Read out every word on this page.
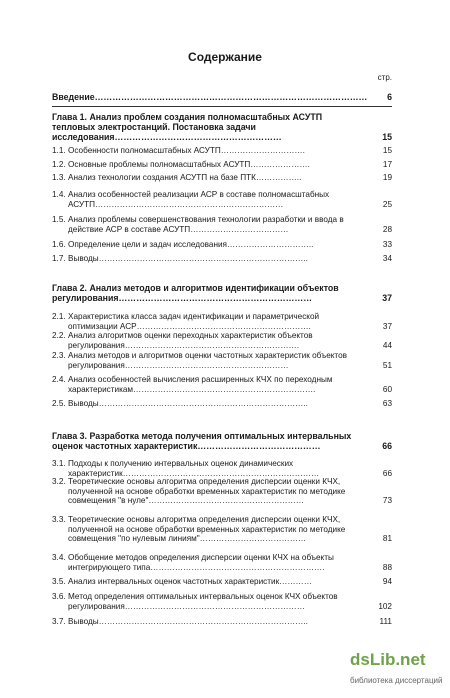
Содержание
стр.
Введение………………………………………………………………………………… 6
Глава 1. Анализ проблем создания полномасштабных АСУТП тепловых электростанций. Постановка задачи исследования…………………………………………………	15
1.1. Особенности полномасштабных АСУТП………………………….	15
1.2. Основные проблемы полномасштабных АСУТП………………….	17
1.3. Анализ технологии создания АСУТП на базе ПТК……………..	19
1.4. Анализ особенностей реализации АСР в составе полномасштабных АСУТП……………………………………………………………	25
1.5. Анализ проблемы совершенствования технологии разработки и ввода в действие АСР в составе АСУТП………………………………	28
1.6. Определение цели и задач исследования…………………………..	33
1.7. Выводы…………………………………………………………………..	34
Глава 2. Анализ методов и алгоритмов идентификации объектов регулирования…………………………………………………………	37
2.1. Характеристика класса задач идентификации и параметрической оптимизации АСР……………………………………………………….	37
2.2. Анализ алгоритмов оценки переходных характеристик объектов регулирования……………………………………………………….	44
2.3. Анализ методов и алгоритмов оценки частотных характеристик объектов регулирования……………………………………………………	51
2.4. Анализ особенностей вычисления расширенных КЧХ по переходным характеристикам………………………………………………………….	60
2.5. Выводы…………………………………………………………………..	63
Глава 3. Разработка метода получения оптимальных интервальных оценок частотных характеристик……………………………………	66
3.1. Подходы к получению интервальных оценок динамических характеристик………………………………………………………………	66
3.2. Теоретические основы алгоритма определения дисперсии оценки КЧХ, полученной на основе обработки временных характеристик по методике совмещения "в нуле"…………………………………………………	73
3.3. Теоретические основы алгоритма определения дисперсии оценки КЧХ, полученной на основе обработки временных характеристик по методике совмещения "по нулевым линиям"…………………………………	81
3.4. Обобщение методов определения дисперсии оценки КЧХ на объекты интегрирующего типа……………………………………………………….	88
3.5. Анализ интервальных оценок частотных характеристик…………	94
3.6. Метод определения оптимальных интервальных оценок КЧХ объектов регулирования…………………………………………………………	102
3.7. Выводы…………………………………………………………………..	111
dsLib.net
библиотека диссертаций
